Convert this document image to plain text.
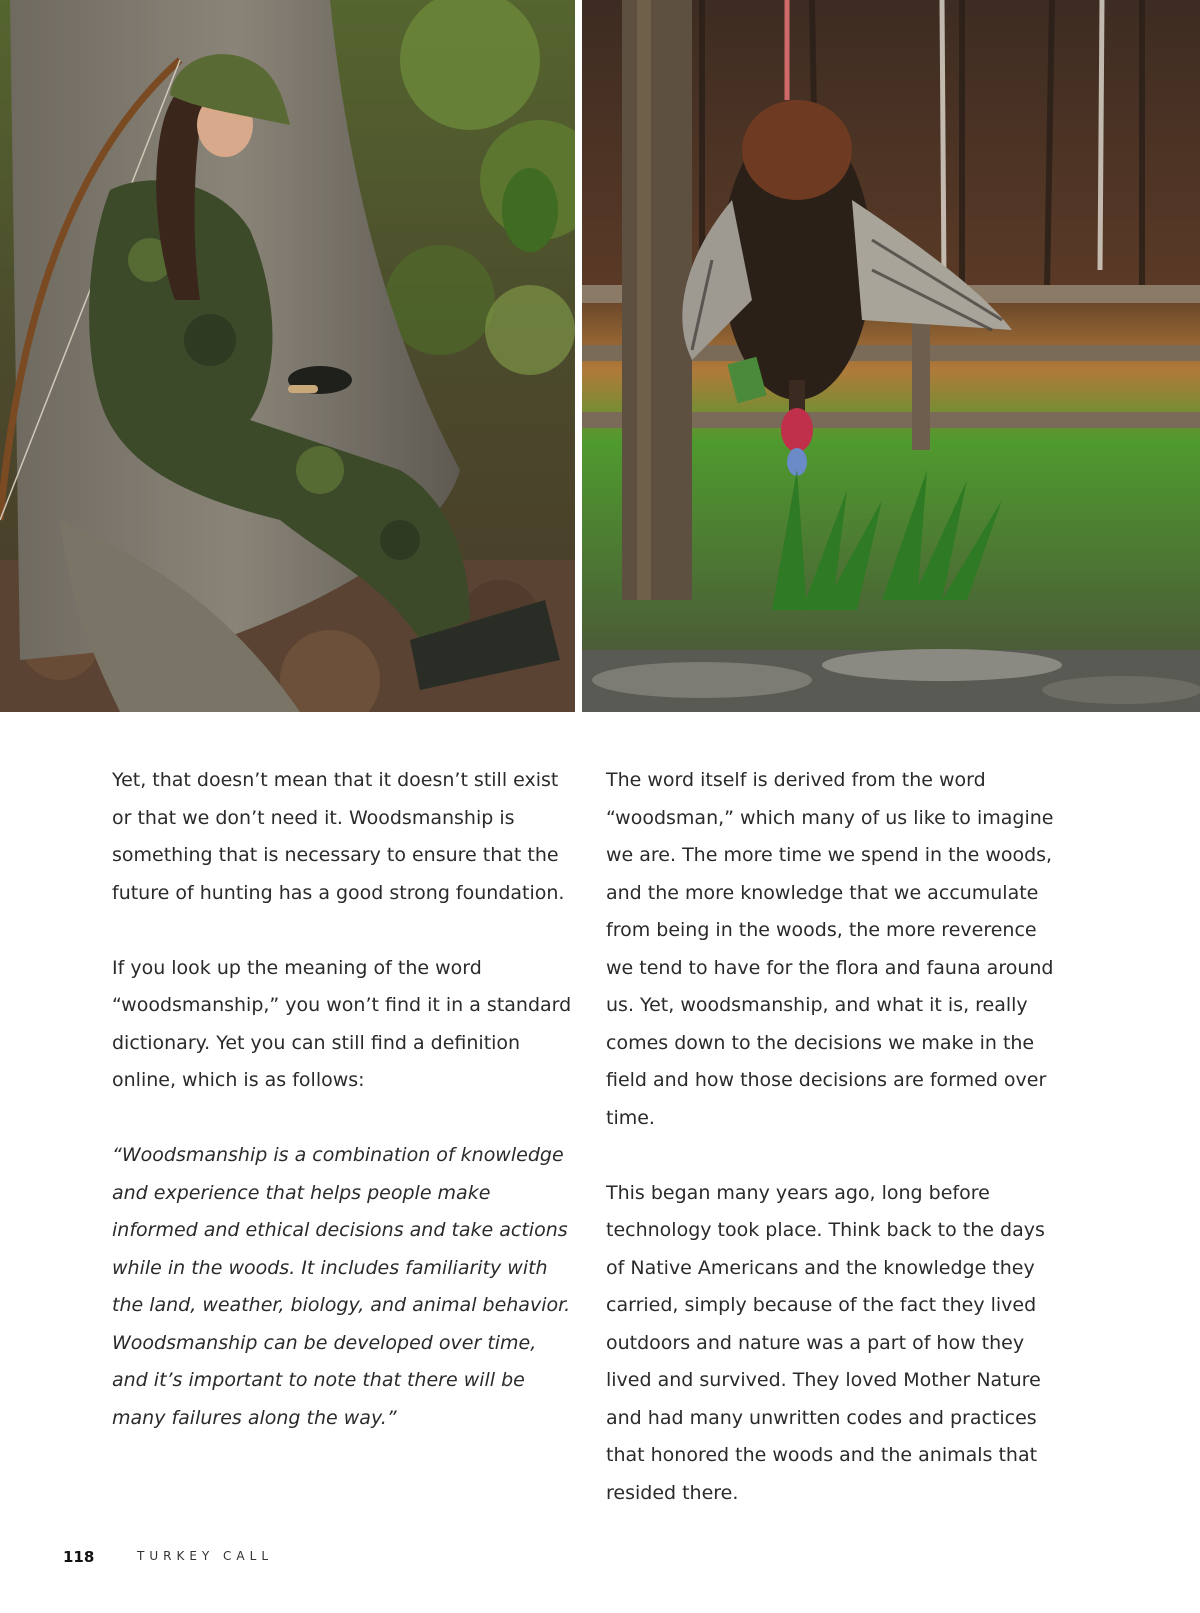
Yet, that doesn’t mean that it doesn’t still exist or that we don’t need it. Woodsmanship is something that is necessary to ensure that the future of hunting has a good strong foundation.

If you look up the meaning of the word “woodsmanship,” you won’t find it in a standard dictionary. Yet you can still find a definition online, which is as follows:

“Woodsmanship is a combination of knowledge and experience that helps people make informed and ethical decisions and take actions while in the woods. It includes familiarity with the land, weather, biology, and animal behavior. Woodsmanship can be developed over time, and it’s important to note that there will be many failures along the way.”

The word itself is derived from the word “woodsman,” which many of us like to imagine we are. The more time we spend in the woods, and the more knowledge that we accumulate from being in the woods, the more reverence we tend to have for the flora and fauna around us. Yet, woodsmanship, and what it is, really comes down to the decisions we make in the field and how those decisions are formed over time.

This began many years ago, long before technology took place. Think back to the days of Native Americans and the knowledge they carried, simply because of the fact they lived outdoors and nature was a part of how they lived and survived. They loved Mother Nature and had many unwritten codes and practices that honored the woods and the animals that resided there.

118	TURKEY CALL
